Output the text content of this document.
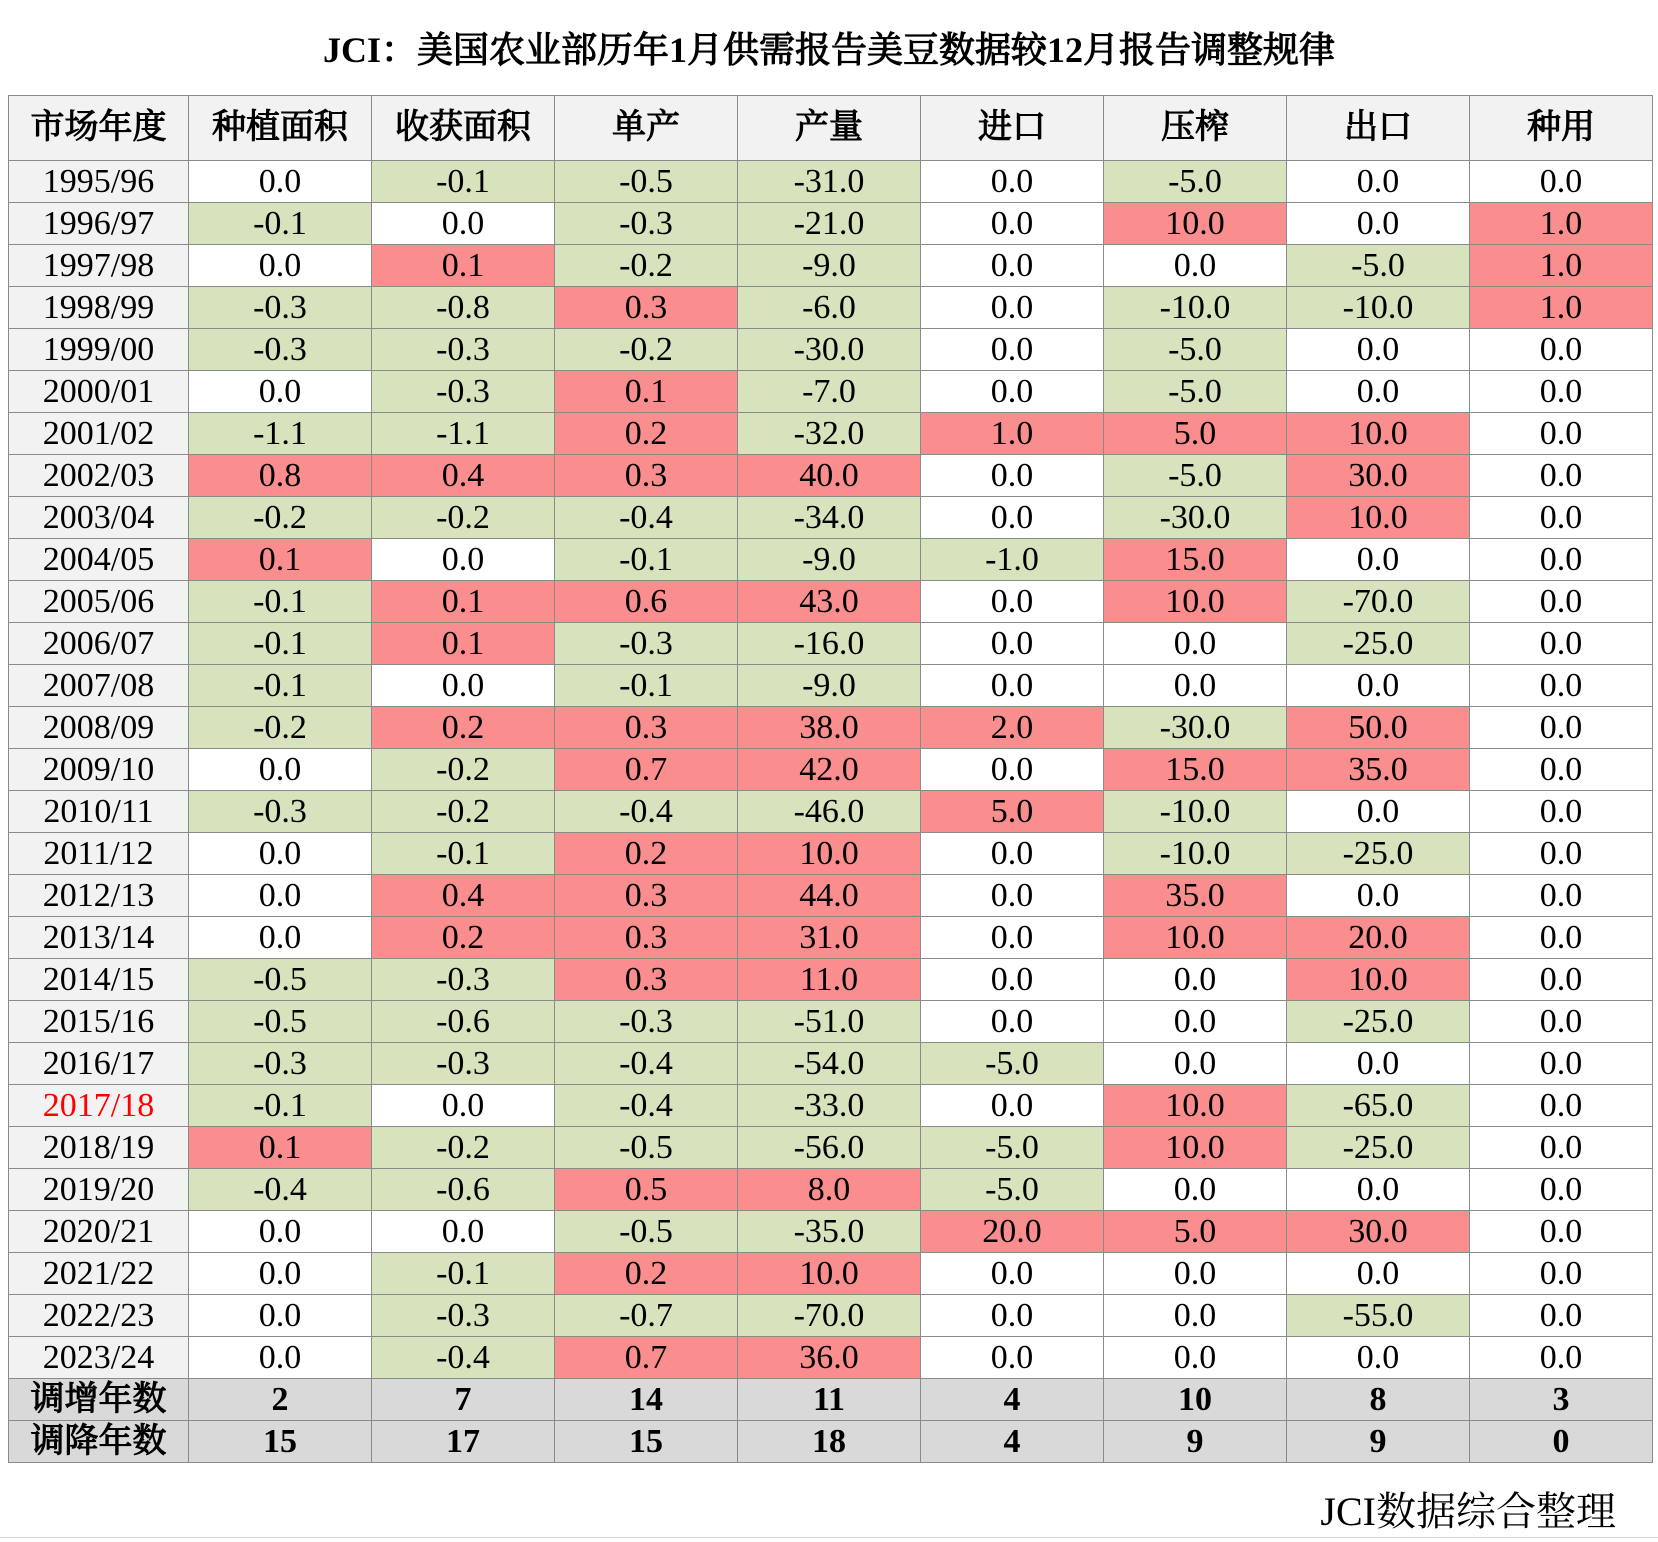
JCI：美国农业部历年1月供需报告美豆数据较12月报告调整规律
市场年度	种植面积	收获面积	单产	产量	进口	压榨	出口	种用
1995/96	0.0	-0.1	-0.5	-31.0	0.0	-5.0	0.0	0.0
1996/97	-0.1	0.0	-0.3	-21.0	0.0	10.0	0.0	1.0
1997/98	0.0	0.1	-0.2	-9.0	0.0	0.0	-5.0	1.0
1998/99	-0.3	-0.8	0.3	-6.0	0.0	-10.0	-10.0	1.0
1999/00	-0.3	-0.3	-0.2	-30.0	0.0	-5.0	0.0	0.0
2000/01	0.0	-0.3	0.1	-7.0	0.0	-5.0	0.0	0.0
2001/02	-1.1	-1.1	0.2	-32.0	1.0	5.0	10.0	0.0
2002/03	0.8	0.4	0.3	40.0	0.0	-5.0	30.0	0.0
2003/04	-0.2	-0.2	-0.4	-34.0	0.0	-30.0	10.0	0.0
2004/05	0.1	0.0	-0.1	-9.0	-1.0	15.0	0.0	0.0
2005/06	-0.1	0.1	0.6	43.0	0.0	10.0	-70.0	0.0
2006/07	-0.1	0.1	-0.3	-16.0	0.0	0.0	-25.0	0.0
2007/08	-0.1	0.0	-0.1	-9.0	0.0	0.0	0.0	0.0
2008/09	-0.2	0.2	0.3	38.0	2.0	-30.0	50.0	0.0
2009/10	0.0	-0.2	0.7	42.0	0.0	15.0	35.0	0.0
2010/11	-0.3	-0.2	-0.4	-46.0	5.0	-10.0	0.0	0.0
2011/12	0.0	-0.1	0.2	10.0	0.0	-10.0	-25.0	0.0
2012/13	0.0	0.4	0.3	44.0	0.0	35.0	0.0	0.0
2013/14	0.0	0.2	0.3	31.0	0.0	10.0	20.0	0.0
2014/15	-0.5	-0.3	0.3	11.0	0.0	0.0	10.0	0.0
2015/16	-0.5	-0.6	-0.3	-51.0	0.0	0.0	-25.0	0.0
2016/17	-0.3	-0.3	-0.4	-54.0	-5.0	0.0	0.0	0.0
2017/18	-0.1	0.0	-0.4	-33.0	0.0	10.0	-65.0	0.0
2018/19	0.1	-0.2	-0.5	-56.0	-5.0	10.0	-25.0	0.0
2019/20	-0.4	-0.6	0.5	8.0	-5.0	0.0	0.0	0.0
2020/21	0.0	0.0	-0.5	-35.0	20.0	5.0	30.0	0.0
2021/22	0.0	-0.1	0.2	10.0	0.0	0.0	0.0	0.0
2022/23	0.0	-0.3	-0.7	-70.0	0.0	0.0	-55.0	0.0
2023/24	0.0	-0.4	0.7	36.0	0.0	0.0	0.0	0.0
调增年数	2	7	14	11	4	10	8	3
调降年数	15	17	15	18	4	9	9	0
JCI数据综合整理
